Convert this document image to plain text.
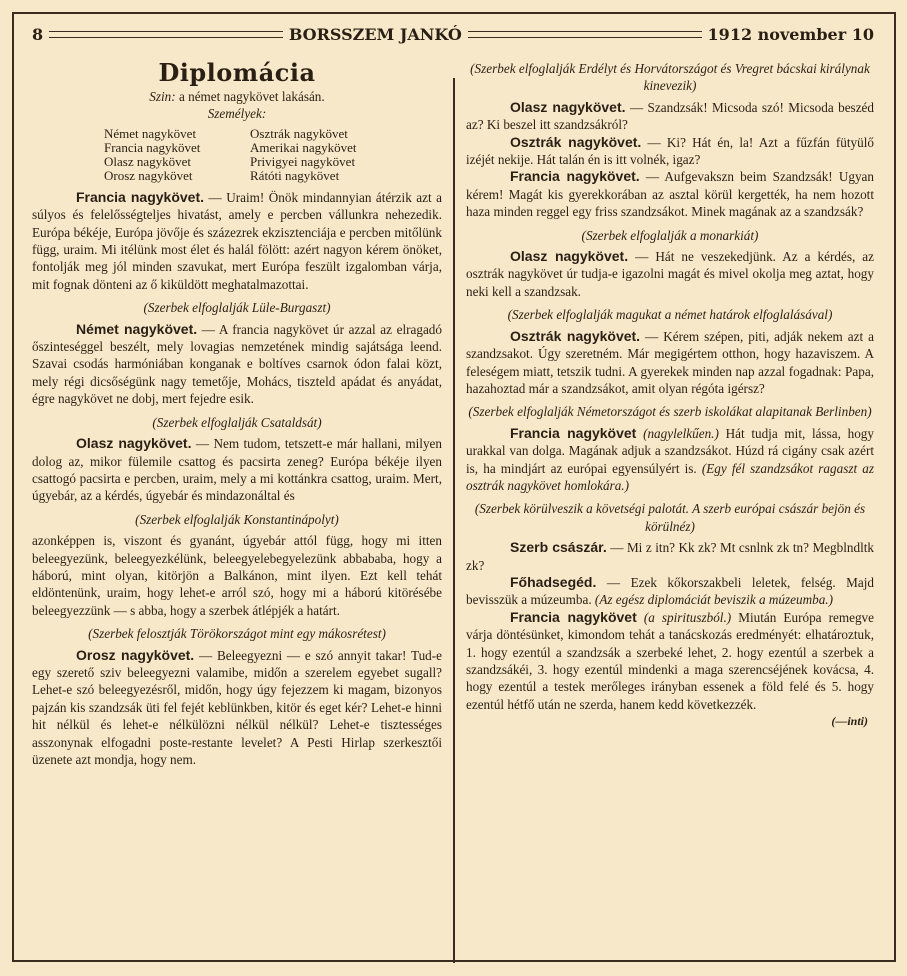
8	BORSSZEM JANKÓ	1912 november 10
Diplomácia
Szin: a német nagykövet lakásán.
Személyek:
Német nagykövet	Osztrák nagykövet
Francia nagykövet	Amerikai nagykövet
Olasz nagykövet	Privigyei nagykövet
Orosz nagykövet	Rátóti nagykövet

Francia nagykövet. — Uraim! Önök mindannyian átérzik azt a súlyos és felelősségteljes hivatást, amely e percben vállunkra nehezedik. Európa békéje, Európa jövője és százezrek ekzisztenciája e percben mitőlünk függ, uraim. Mi itélünk most élet és halál fölött: azért nagyon kérem önöket, fontolják meg jól minden szavukat, mert Európa feszült izgalomban várja, mit fognak dönteni az ő kiküldött meghatalmazottai.

(Szerbek elfoglalják Lüle-Burgaszt)

Német nagykövet. — A francia nagykövet úr azzal az elragadó őszinteséggel beszélt, mely lovagias nemzetének mindig sajátsága leend. Szavai csodás harmóniában konganak e boltíves csarnok ódon falai közt, mely régi dicsőségünk nagy temetője, Mohács, tiszteld apádat és anyádat, égre nagykövet ne dobj, mert fejedre esik.

(Szerbek elfoglalják Csataldsát)

Olasz nagykövet. — Nem tudom, tetszett-e már hallani, milyen dolog az, mikor fülemile csattog és pacsirta zeneg? Európa békéje ilyen csattogó pacsirta e percben, uraim, mely a mi kottánkra csattog, uraim. Mert, úgyebár, az a kérdés, úgyebár és mindazonáltal és

(Szerbek elfoglalják Konstantinápolyt)

azonképpen is, viszont és gyanánt, úgyebár attól függ, hogy mi itten beleegyezünk, beleegyezkélünk, beleegyelebegyelezünk abbababa, hogy a háború, mint olyan, kitörjön a Balkánon, mint ilyen. Ezt kell tehát eldöntenünk, uraim, hogy lehet-e arról szó, hogy mi a háború kitörésébe beleegyezzünk — s abba, hogy a szerbek átlépjék a határt.

(Szerbek felosztják Törökországot mint egy mákosrétest)

Orosz nagykövet. — Beleegyezni — e szó annyit takar! Tud-e egy szerető sziv beleegyezni valamibe, midőn a szerelem egyebet sugall? Lehet-e szó beleegyezésről, midőn, hogy úgy fejezzem ki magam, bizonyos pajzán kis szandzsák üti fel fejét keblünkben, kitör és eget kér? Lehet-e hinni hit nélkül és lehet-e nélkülözni nélkül nélkül? Lehet-e tisztességes asszonynak elfogadni poste-restante levelet? A Pesti Hirlap szerkesztői üzenete azt mondja, hogy nem.

(Szerbek elfoglalják Erdélyt és Horvátországot és Vregret bácskai királynak kinevezik)

Olasz nagykövet. — Szandzsák! Micsoda szó! Micsoda beszéd az? Ki beszel itt szandzsákról?

Osztrák nagykövet. — Ki? Hát én, la! Azt a fűzfán fütyülő izéjét nekije. Hát talán én is itt volnék, igaz?

Francia nagykövet. — Aufgevakszn beim Szandzsák! Ugyan kérem! Magát kis gyerekkorában az asztal körül kergették, ha nem hozott haza minden reggel egy friss szandzsákot. Minek magának az a szandzsák?

(Szerbek elfoglalják a monarkiát)

Olasz nagykövet. — Hát ne veszekedjünk. Az a kérdés, az osztrák nagykövet úr tudja-e igazolni magát és mivel okolja meg aztat, hogy neki kell a szandzsak.

(Szerbek elfoglalják magukat a német határok elfoglalásával)

Osztrák nagykövet. — Kérem szépen, piti, adják nekem azt a szandzsakot. Úgy szeretném. Már megigértem otthon, hogy hazaviszem. A feleségem miatt, tetszik tudni. A gyerekek minden nap azzal fogadnak: Papa, hazahoztad már a szandzsákot, amit olyan régóta igérsz?

(Szerbek elfoglalják Németországot és szerb iskolákat alapitanak Berlinben)

Francia nagykövet (nagylelkűen.) Hát tudja mit, lássa, hogy urakkal van dolga. Magának adjuk a szandzsákot. Húzd rá cigány csak azért is, ha mindjárt az európai egyensúlyért is. (Egy fél szandzsákot ragaszt az osztrák nagykövet homlokára.)

(Szerbek körülveszik a követségi palotát. A szerb európai császár bejön és körülnéz)

Szerb császár. — Mi z itn? Kk zk? Mt csnlnk zk tn? Megblndltk zk?

Főhadsegéd. — Ezek kőkorszakbeli leletek, felség. Majd bevisszük a múzeumba. (Az egész diplomáciát beviszik a múzeumba.)

Francia nagykövet (a spirituszból.) Miután Európa remegve várja döntésünket, kimondom tehát a tanácskozás eredményét: elhatároztuk, 1. hogy ezentúl a szandzsák a szerbeké lehet, 2. hogy ezentúl a szerbek a szandzsákéi, 3. hogy ezentúl mindenki a maga szerencséjének kovácsa, 4. hogy ezentúl a testek merőleges irányban essenek a föld felé és 5. hogy ezentúl hétfő után ne szerda, hanem kedd következzék.

(—inti)
